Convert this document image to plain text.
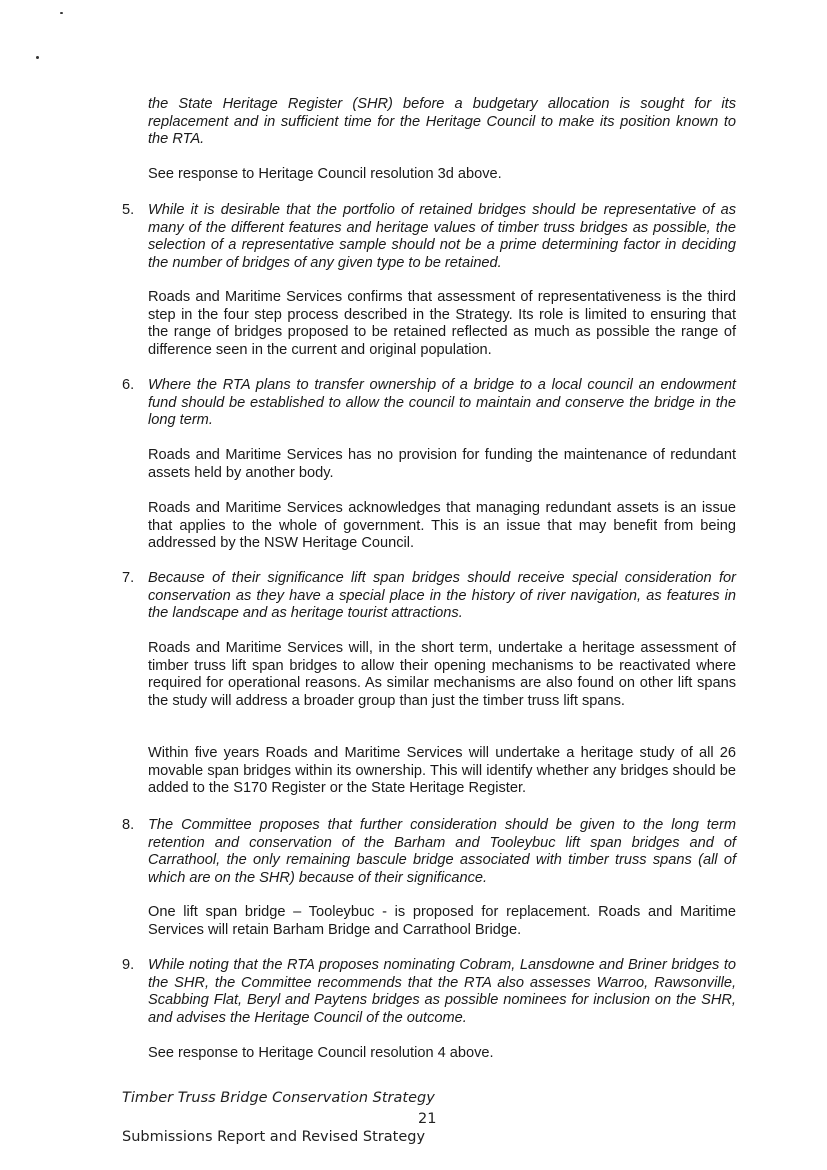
the State Heritage Register (SHR) before a budgetary allocation is sought for its replacement and in sufficient time for the Heritage Council to make its position known to the RTA.

See response to Heritage Council resolution 3d above.

5. While it is desirable that the portfolio of retained bridges should be representative of as many of the different features and heritage values of timber truss bridges as possible, the selection of a representative sample should not be a prime determining factor in deciding the number of bridges of any given type to be retained.

Roads and Maritime Services confirms that assessment of representativeness is the third step in the four step process described in the Strategy. Its role is limited to ensuring that the range of bridges proposed to be retained reflected as much as possible the range of difference seen in the current and original population.

6. Where the RTA plans to transfer ownership of a bridge to a local council an endowment fund should be established to allow the council to maintain and conserve the bridge in the long term.

Roads and Maritime Services has no provision for funding the maintenance of redundant assets held by another body.

Roads and Maritime Services acknowledges that managing redundant assets is an issue that applies to the whole of government. This is an issue that may benefit from being addressed by the NSW Heritage Council.

7. Because of their significance lift span bridges should receive special consideration for conservation as they have a special place in the history of river navigation, as features in the landscape and as heritage tourist attractions.

Roads and Maritime Services will, in the short term, undertake a heritage assessment of timber truss lift span bridges to allow their opening mechanisms to be reactivated where required for operational reasons. As similar mechanisms are also found on other lift spans the study will address a broader group than just the timber truss lift spans.

Within five years Roads and Maritime Services will undertake a heritage study of all 26 movable span bridges within its ownership. This will identify whether any bridges should be added to the S170 Register or the State Heritage Register.

8. The Committee proposes that further consideration should be given to the long term retention and conservation of the Barham and Tooleybuc lift span bridges and of Carrathool, the only remaining bascule bridge associated with timber truss spans (all of which are on the SHR) because of their significance.

One lift span bridge – Tooleybuc - is proposed for replacement. Roads and Maritime Services will retain Barham Bridge and Carrathool Bridge.

9. While noting that the RTA proposes nominating Cobram, Lansdowne and Briner bridges to the SHR, the Committee recommends that the RTA also assesses Warroo, Rawsonville, Scabbing Flat, Beryl and Paytens bridges as possible nominees for inclusion on the SHR, and advises the Heritage Council of the outcome.

See response to Heritage Council resolution 4 above.

Timber Truss Bridge Conservation Strategy
21
Submissions Report and Revised Strategy
